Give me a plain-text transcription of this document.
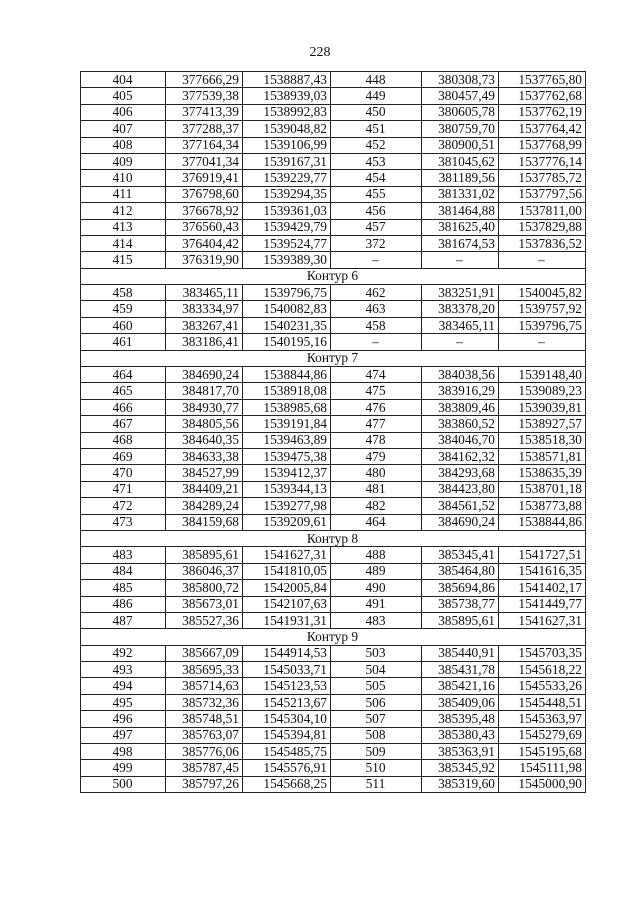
228
404	377666,29	1538887,43	448	380308,73	1537765,80
405	377539,38	1538939,03	449	380457,49	1537762,68
406	377413,39	1538992,83	450	380605,78	1537762,19
407	377288,37	1539048,82	451	380759,70	1537764,42
408	377164,34	1539106,99	452	380900,51	1537768,99
409	377041,34	1539167,31	453	381045,62	1537776,14
410	376919,41	1539229,77	454	381189,56	1537785,72
411	376798,60	1539294,35	455	381331,02	1537797,56
412	376678,92	1539361,03	456	381464,88	1537811,00
413	376560,43	1539429,79	457	381625,40	1537829,88
414	376404,42	1539524,77	372	381674,53	1537836,52
415	376319,90	1539389,30	–	–	–
Контур 6					
458	383465,11	1539796,75	462	383251,91	1540045,82
459	383334,97	1540082,83	463	383378,20	1539757,92
460	383267,41	1540231,35	458	383465,11	1539796,75
461	383186,41	1540195,16	–	–	–
Контур 7					
464	384690,24	1538844,86	474	384038,56	1539148,40
465	384817,70	1538918,08	475	383916,29	1539089,23
466	384930,77	1538985,68	476	383809,46	1539039,81
467	384805,56	1539191,84	477	383860,52	1538927,57
468	384640,35	1539463,89	478	384046,70	1538518,30
469	384633,38	1539475,38	479	384162,32	1538571,81
470	384527,99	1539412,37	480	384293,68	1538635,39
471	384409,21	1539344,13	481	384423,80	1538701,18
472	384289,24	1539277,98	482	384561,52	1538773,88
473	384159,68	1539209,61	464	384690,24	1538844,86
Контур 8					
483	385895,61	1541627,31	488	385345,41	1541727,51
484	386046,37	1541810,05	489	385464,80	1541616,35
485	385800,72	1542005,84	490	385694,86	1541402,17
486	385673,01	1542107,63	491	385738,77	1541449,77
487	385527,36	1541931,31	483	385895,61	1541627,31
Контур 9					
492	385667,09	1544914,53	503	385440,91	1545703,35
493	385695,33	1545033,71	504	385431,78	1545618,22
494	385714,63	1545123,53	505	385421,16	1545533,26
495	385732,36	1545213,67	506	385409,06	1545448,51
496	385748,51	1545304,10	507	385395,48	1545363,97
497	385763,07	1545394,81	508	385380,43	1545279,69
498	385776,06	1545485,75	509	385363,91	1545195,68
499	385787,45	1545576,91	510	385345,92	1545111,98
500	385797,26	1545668,25	511	385319,60	1545000,90
